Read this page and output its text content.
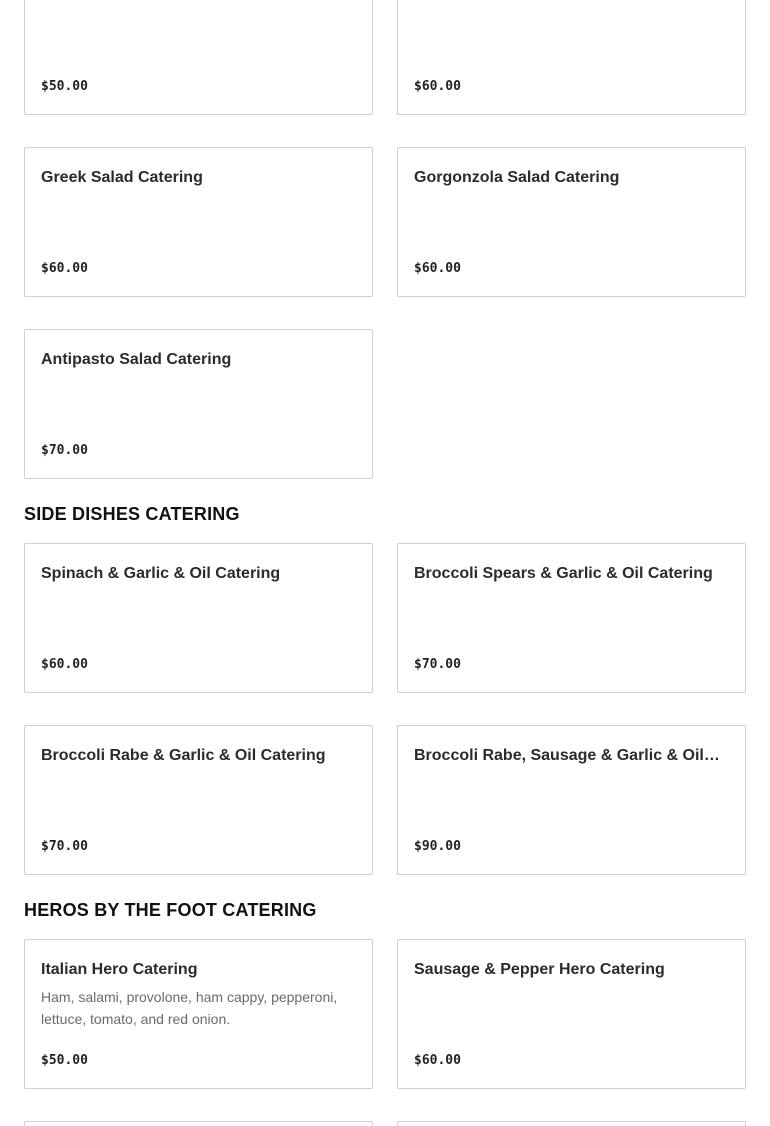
$50.00	$60.00
Greek Salad Catering
$60.00
Gorgonzola Salad Catering
$60.00
Antipasto Salad Catering
$70.00
SIDE DISHES CATERING
Spinach & Garlic & Oil Catering
$60.00
Broccoli Spears & Garlic & Oil Catering
$70.00
Broccoli Rabe & Garlic & Oil Catering
$70.00
Broccoli Rabe, Sausage & Garlic & Oil…
$90.00
HEROS BY THE FOOT CATERING
Italian Hero Catering
Ham, salami, provolone, ham cappy, pepperoni, lettuce, tomato, and red onion.
$50.00
Sausage & Pepper Hero Catering
$60.00
